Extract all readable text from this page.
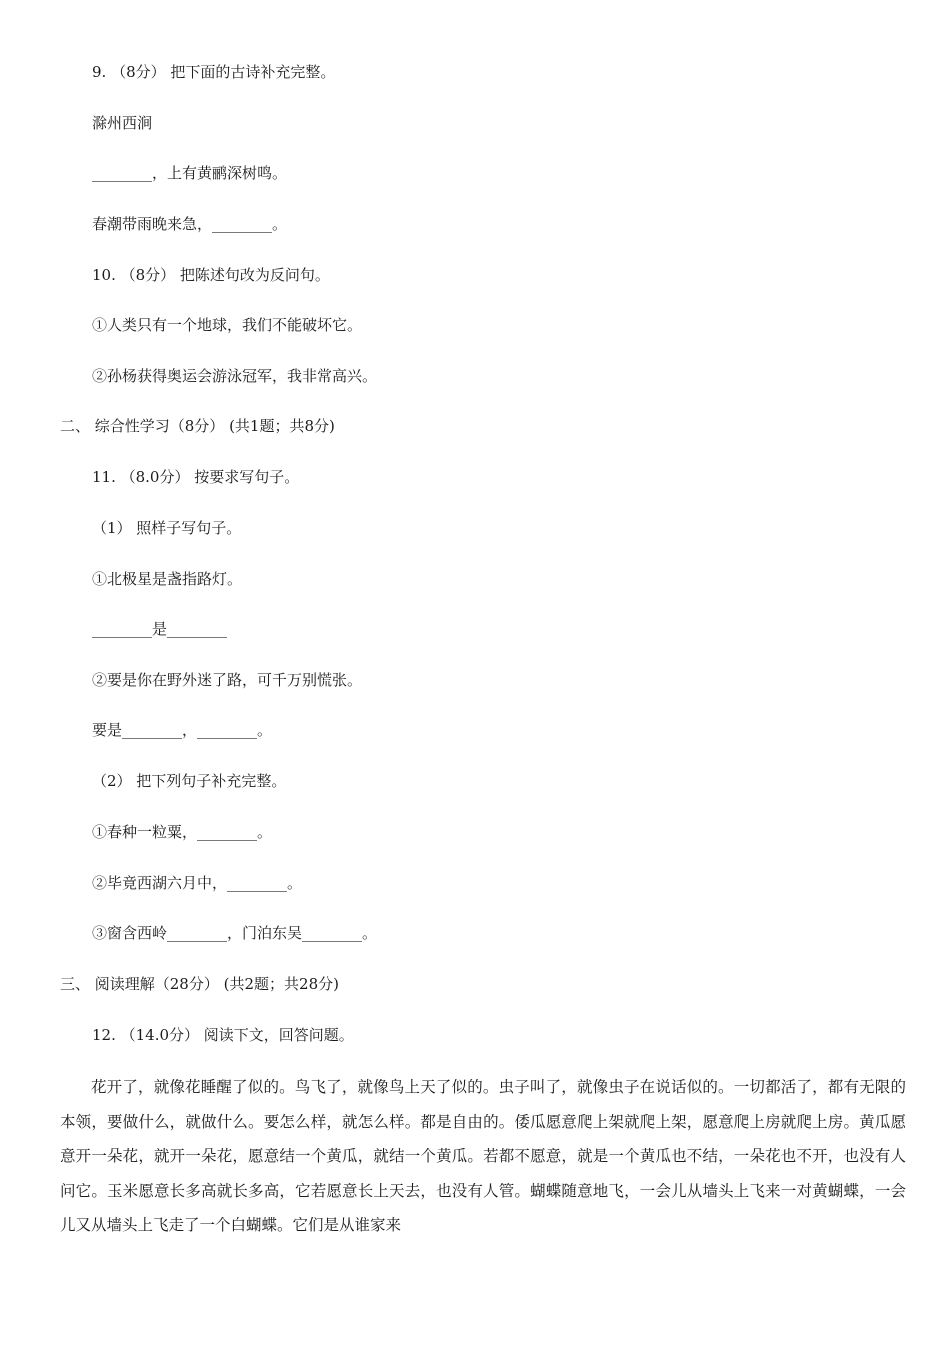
9. （8分） 把下面的古诗补充完整。
滁州西涧
________，上有黄鹂深树鸣。
春潮带雨晚来急，________。
10. （8分） 把陈述句改为反问句。
①人类只有一个地球，我们不能破坏它。
②孙杨获得奥运会游泳冠军，我非常高兴。
二、 综合性学习（8分） (共1题；共8分)
11. （8.0分） 按要求写句子。
（1） 照样子写句子。
①北极星是盏指路灯。
________是________
②要是你在野外迷了路，可千万别慌张。
要是________，________。
（2） 把下列句子补充完整。
①春种一粒粟，________。
②毕竟西湖六月中，________。
③窗含西岭________，门泊东吴________。
三、 阅读理解（28分） (共2题；共28分)
12. （14.0分） 阅读下文，回答问题。
花开了，就像花睡醒了似的。鸟飞了，就像鸟上天了似的。虫子叫了，就像虫子在说话似的。一切都活了，都有无限的本领，要做什么，就做什么。要怎么样，就怎么样。都是自由的。倭瓜愿意爬上架就爬上架，愿意爬上房就爬上房。黄瓜愿意开一朵花，就开一朵花，愿意结一个黄瓜，就结一个黄瓜。若都不愿意，就是一个黄瓜也不结，一朵花也不开，也没有人问它。玉米愿意长多高就长多高，它若愿意长上天去，也没有人管。蝴蝶随意地飞，一会儿从墙头上飞来一对黄蝴蝶，一会儿又从墙头上飞走了一个白蝴蝶。它们是从谁家来
